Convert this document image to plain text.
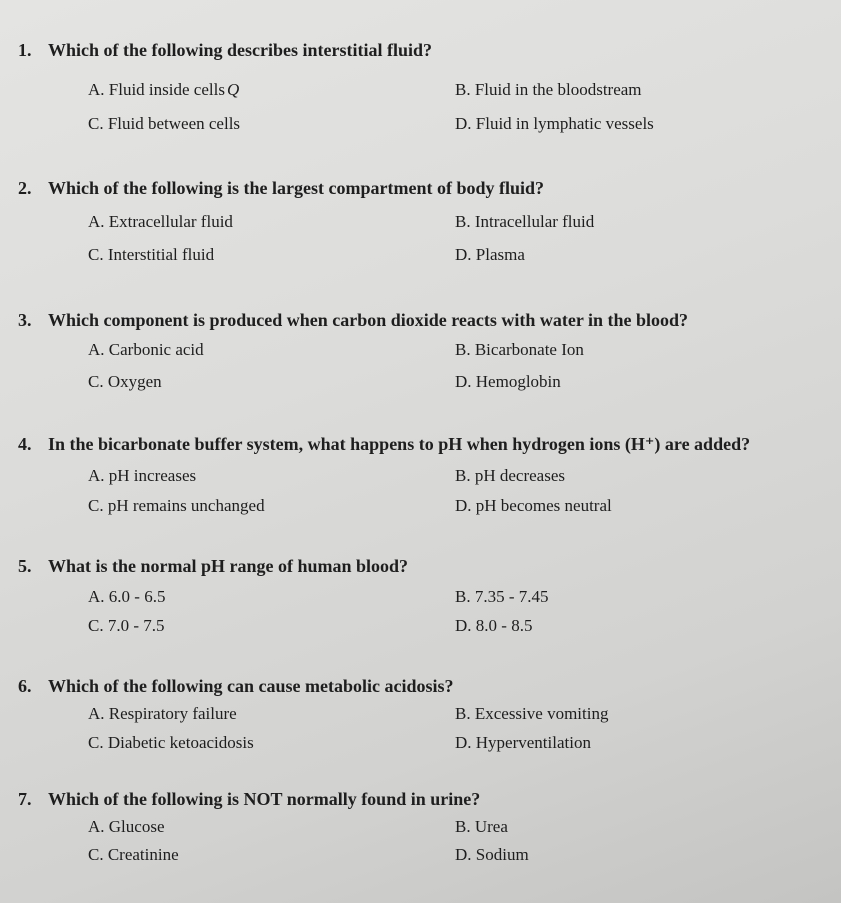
1. Which of the following describes interstitial fluid?
A. Fluid inside cells Q	B. Fluid in the bloodstream
C. Fluid between cells	D. Fluid in lymphatic vessels
2. Which of the following is the largest compartment of body fluid?
A. Extracellular fluid	B. Intracellular fluid
C. Interstitial fluid	D. Plasma
3. Which component is produced when carbon dioxide reacts with water in the blood?
A. Carbonic acid	B. Bicarbonate Ion
C. Oxygen	D. Hemoglobin
4. In the bicarbonate buffer system, what happens to pH when hydrogen ions (H⁺) are added?
A. pH increases	B. pH decreases
C. pH remains unchanged	D. pH becomes neutral
5. What is the normal pH range of human blood?
A. 6.0 - 6.5	B. 7.35 - 7.45
C. 7.0 - 7.5	D. 8.0 - 8.5
6. Which of the following can cause metabolic acidosis?
A. Respiratory failure	B. Excessive vomiting
C. Diabetic ketoacidosis	D. Hyperventilation
7. Which of the following is NOT normally found in urine?
A. Glucose	B. Urea
C. Creatinine	D. Sodium
